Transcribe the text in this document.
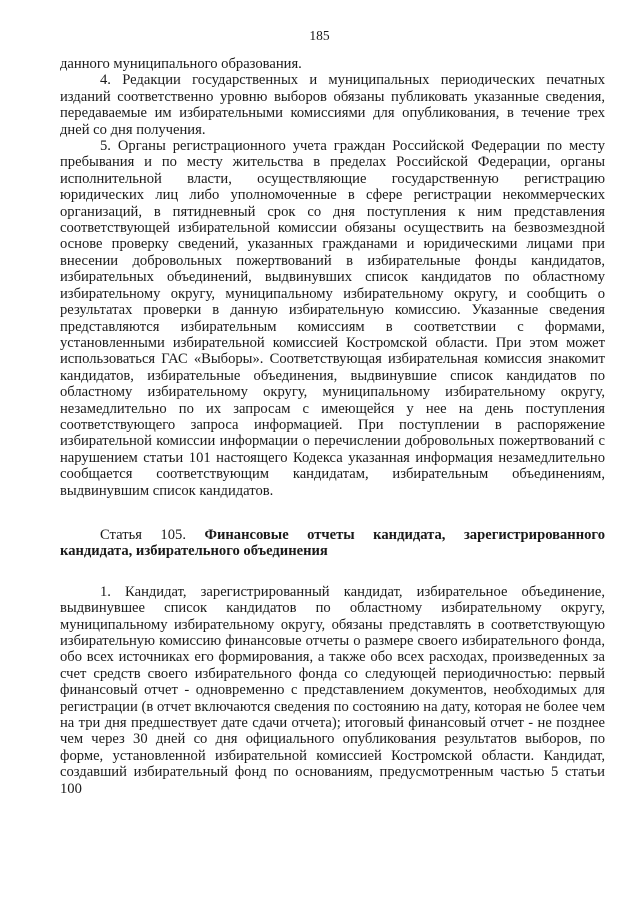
185

данного муниципального образования.

4. Редакции государственных и муниципальных периодических печатных изданий соответственно уровню выборов обязаны публиковать указанные сведения, передаваемые им избирательными комиссиями для опубликования, в течение трех дней со дня получения.

5. Органы регистрационного учета граждан Российской Федерации по месту пребывания и по месту жительства в пределах Российской Федерации, органы исполнительной власти, осуществляющие государственную регистрацию юридических лиц либо уполномоченные в сфере регистрации некоммерческих организаций, в пятидневный срок со дня поступления к ним представления соответствующей избирательной комиссии обязаны осуществить на безвозмездной основе проверку сведений, указанных гражданами и юридическими лицами при внесении добровольных пожертвований в избирательные фонды кандидатов, избирательных объединений, выдвинувших список кандидатов по областному избирательному округу, муниципальному избирательному округу, и сообщить о результатах проверки в данную избирательную комиссию. Указанные сведения представляются избирательным комиссиям в соответствии с формами, установленными избирательной комиссией Костромской области. При этом может использоваться ГАС «Выборы». Соответствующая избирательная комиссия знакомит кандидатов, избирательные объединения, выдвинувшие список кандидатов по областному избирательному округу, муниципальному избирательному округу, незамедлительно по их запросам с имеющейся у нее на день поступления соответствующего запроса информацией. При поступлении в распоряжение избирательной комиссии информации о перечислении добровольных пожертвований с нарушением статьи 101 настоящего Кодекса указанная информация незамедлительно сообщается соответствующим кандидатам, избирательным объединениям, выдвинувшим список кандидатов.

Статья 105. Финансовые отчеты кандидата, зарегистрированного кандидата, избирательного объединения

1. Кандидат, зарегистрированный кандидат, избирательное объединение, выдвинувшее список кандидатов по областному избирательному округу, муниципальному избирательному округу, обязаны представлять в соответствующую избирательную комиссию финансовые отчеты о размере своего избирательного фонда, обо всех источниках его формирования, а также обо всех расходах, произведенных за счет средств своего избирательного фонда со следующей периодичностью: первый финансовый отчет - одновременно с представлением документов, необходимых для регистрации (в отчет включаются сведения по состоянию на дату, которая не более чем на три дня предшествует дате сдачи отчета); итоговый финансовый отчет - не позднее чем через 30 дней со дня официального опубликования результатов выборов, по форме, установленной избирательной комиссией Костромской области. Кандидат, создавший избирательный фонд по основаниям, предусмотренным частью 5 статьи 100
